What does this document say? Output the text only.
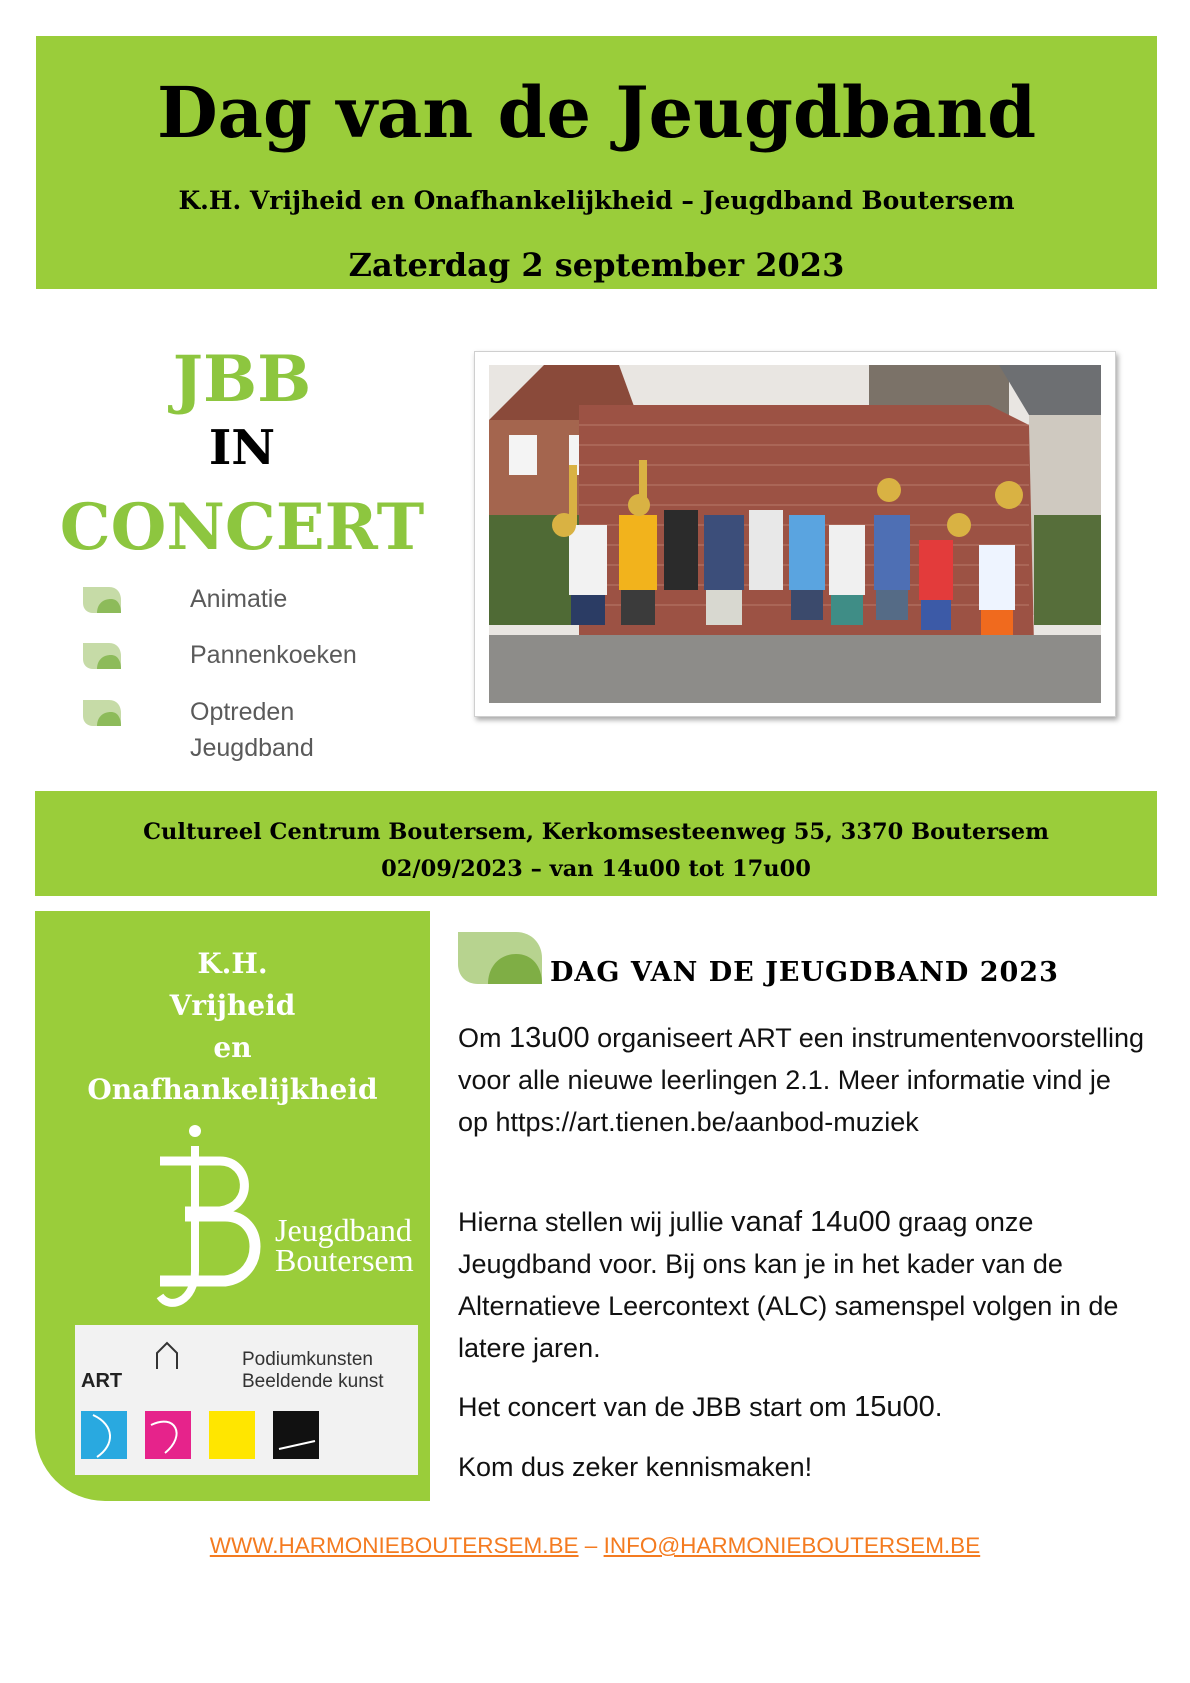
Dag van de Jeugdband
K.H. Vrijheid en Onafhankelijkheid – Jeugdband Boutersem
Zaterdag 2 september 2023
JBB
IN
CONCERT
Animatie
Pannenkoeken
Optreden Jeugdband
Cultureel Centrum Boutersem, Kerkomsesteenweg 55, 3370 Boutersem
02/09/2023 – van 14u00 tot 17u00
K.H.
Vrijheid
en
Onafhankelijkheid
Jeugdband
Boutersem
ART
Podiumkunsten
Beeldende kunst
DAG VAN DE JEUGDBAND 2023
Om 13u00 organiseert ART een instrumentenvoorstelling voor alle nieuwe leerlingen 2.1. Meer informatie vind je op https://art.tienen.be/aanbod-muziek
Hierna stellen wij jullie vanaf 14u00 graag onze Jeugdband voor. Bij ons kan je in het kader van de Alternatieve Leercontext (ALC) samenspel volgen in de latere jaren.
Het concert van de JBB start om 15u00.
Kom dus zeker kennismaken!
WWW.HARMONIEBOUTERSEM.BE – INFO@HARMONIEBOUTERSEM.BE
